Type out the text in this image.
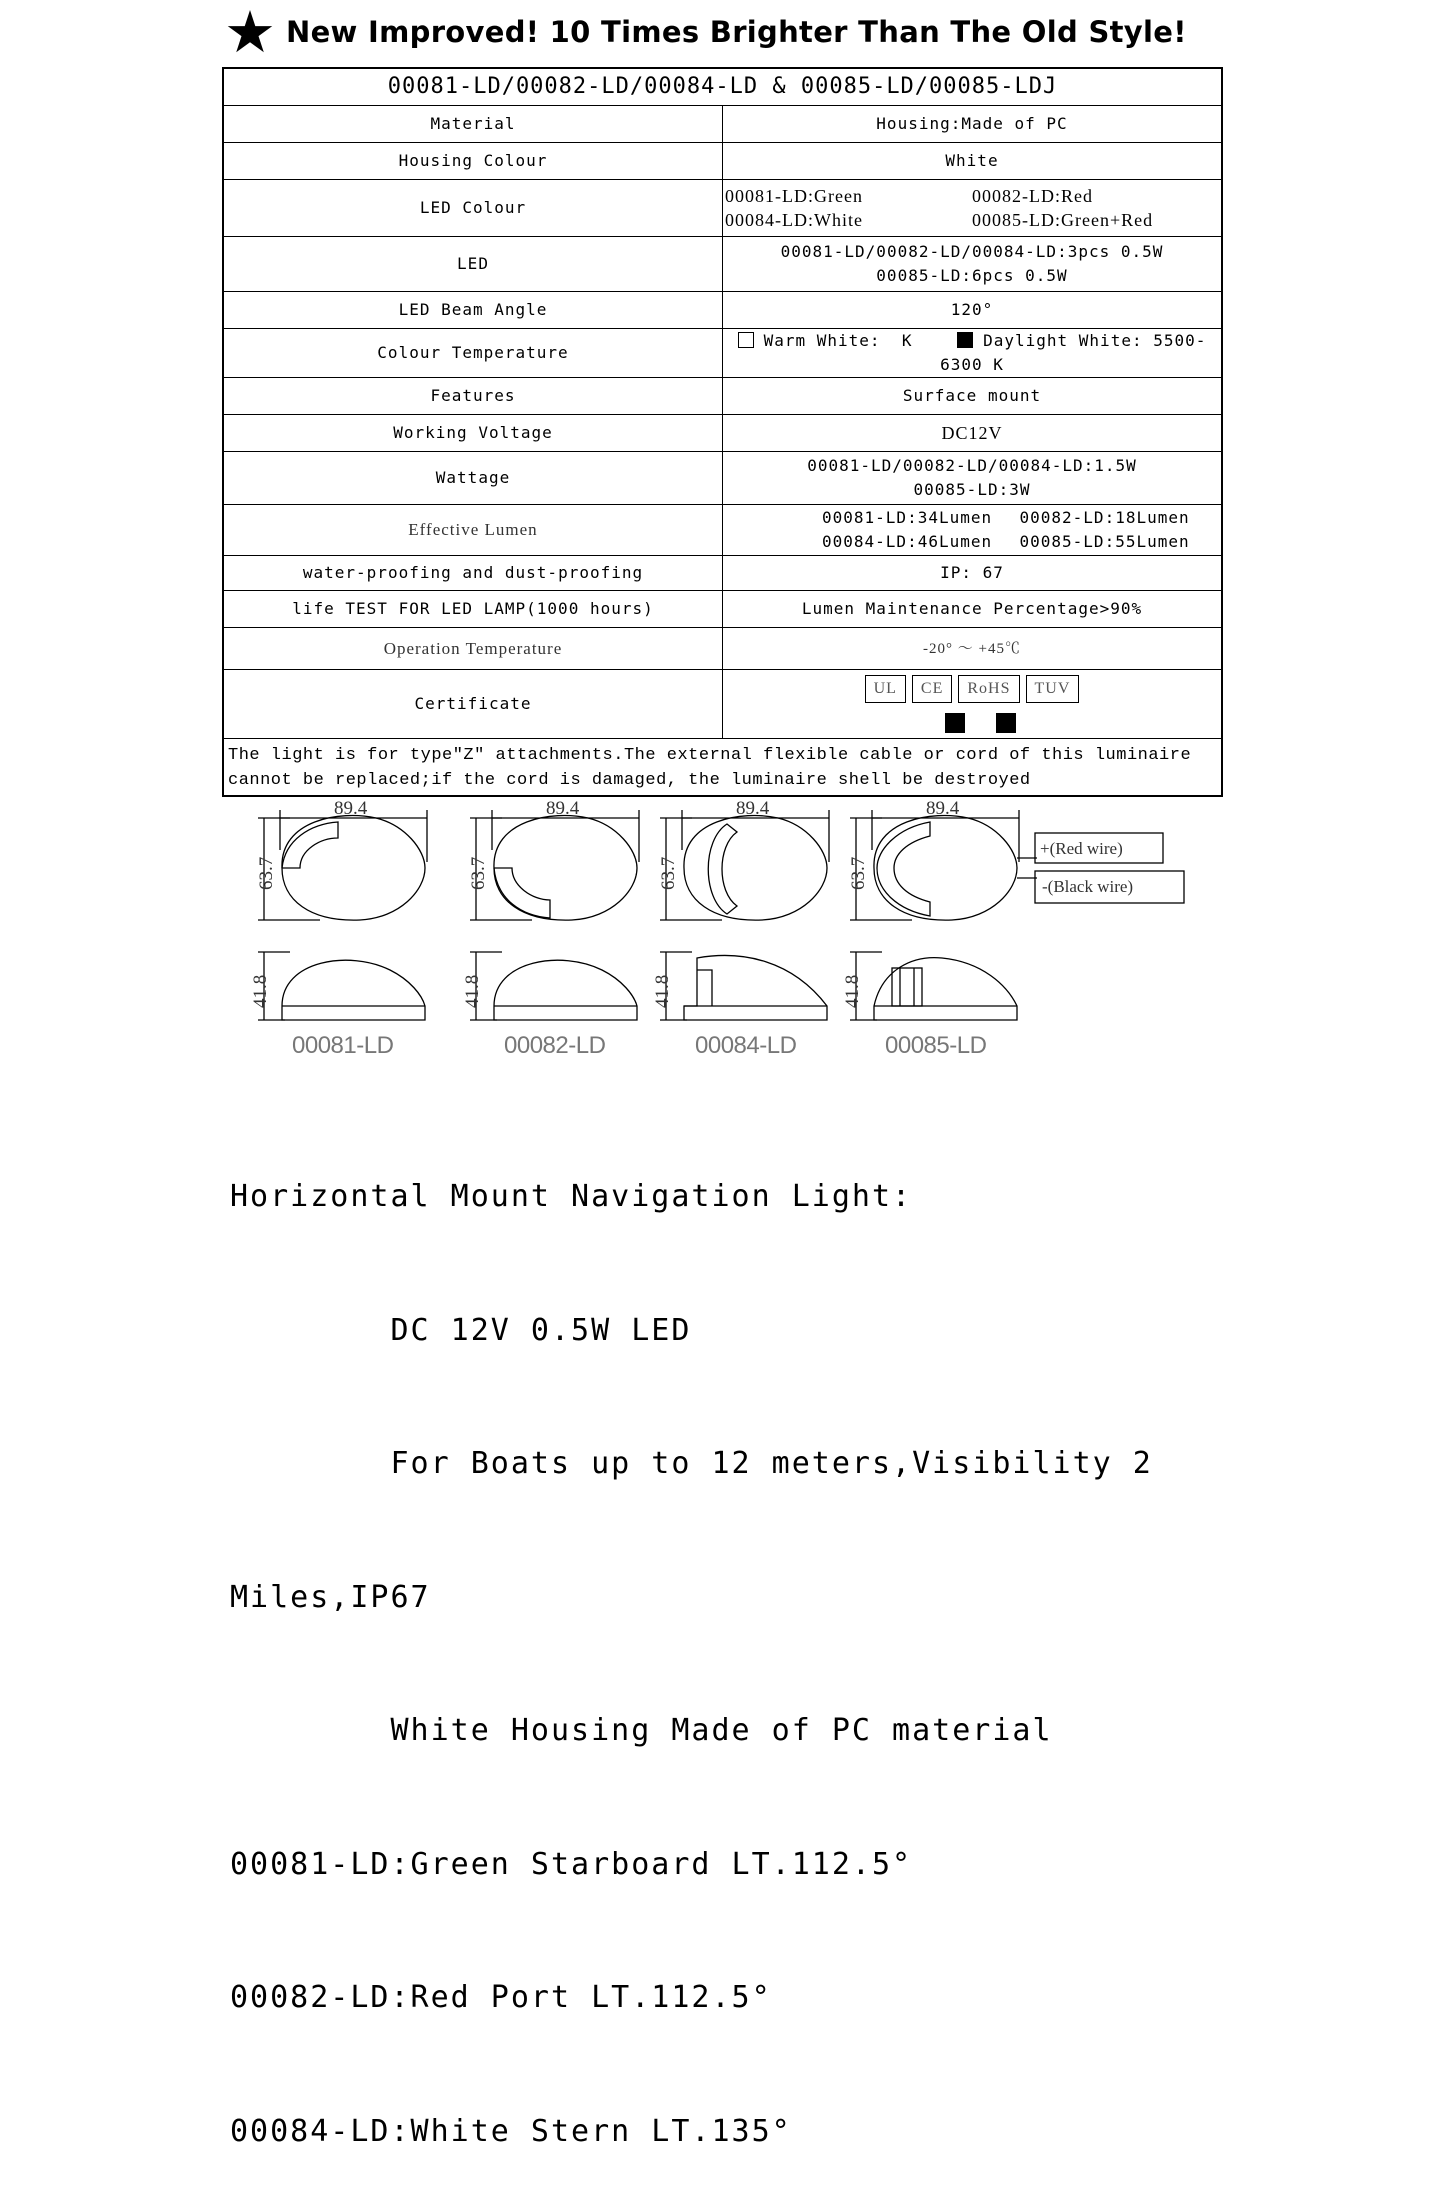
★ New Improved! 10 Times Brighter Than The Old Style!
00081-LD/00082-LD/00084-LD & 00085-LD/00085-LDJ	
Material	Housing:Made of PC
Housing Colour	White
LED Colour	00081-LD:Green 00082-LD:Red
00084-LD:White 00085-LD:Green+Red

LED	00081-LD/00082-LD/00084-LD:3pcs 0.5W
00085-LD:6pcs 0.5W

LED Beam Angle	120°
Colour Temperature	Warm White:  K Daylight White: 5500-6300 K
Features	Surface mount
Working Voltage	DC12V
Wattage	00081-LD/00082-LD/00084-LD:1.5W
00085-LD:3W

Effective Lumen	00081-LD:34Lumen 00082-LD:18Lumen
00084-LD:46Lumen 00085-LD:55Lumen

water-proofing and dust-proofing	IP: 67
life TEST FOR LED LAMP(1000 hours)	Lumen Maintenance Percentage>90%
Operation Temperature	-20° ～ +45℃
Certificate	UL CE RoHS TUV

The light is for type"Z" attachments.The external flexible cable or cord of this luminaire
cannot be replaced;if the cord is damaged, the luminaire shell be destroyed	
89.4	89.4	89.4	89.4
63.7	63.7	63.7	63.7
41.8	41.8	41.8	41.8
+(Red wire)
-(Black wire)
00081-LD	00082-LD	00084-LD	00085-LD

Horizontal Mount Navigation Light:

DC 12V 0.5W LED

For Boats up to 12 meters,Visibility 2

Miles,IP67

White Housing Made of PC material

00081-LD:Green Starboard LT.112.5°

00082-LD:Red Port LT.112.5°

00084-LD:White Stern LT.135°
